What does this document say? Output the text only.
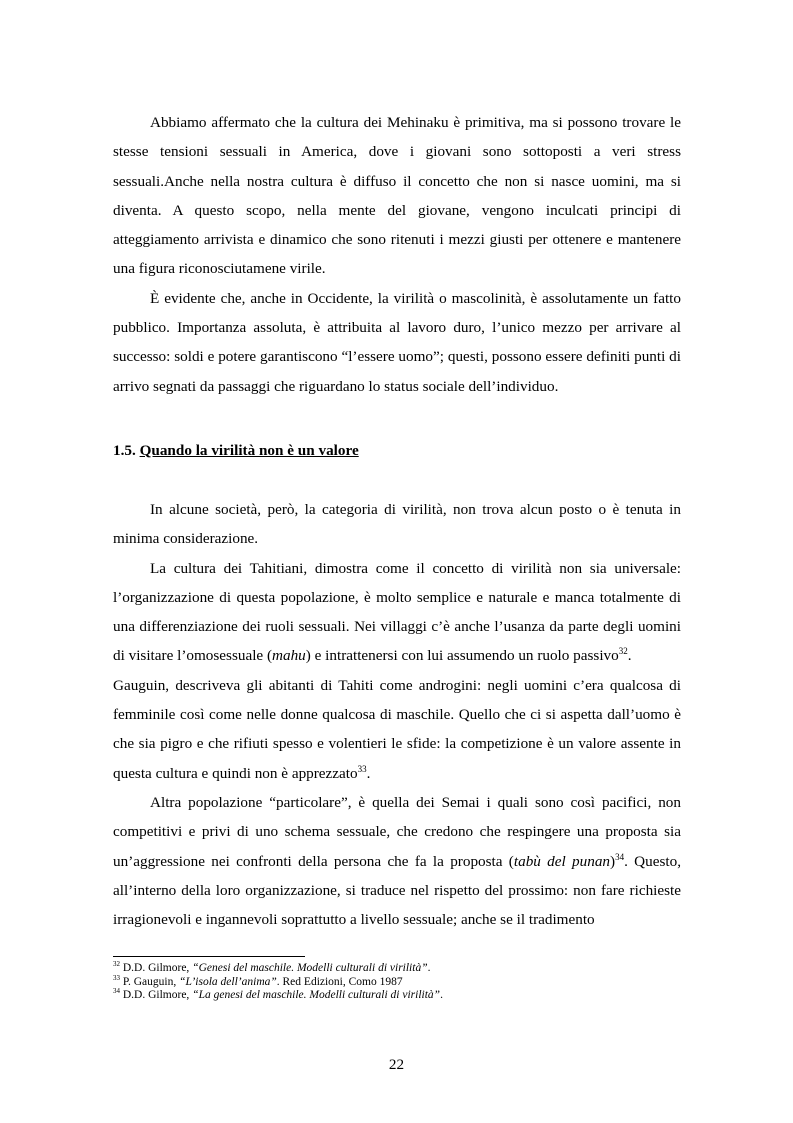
Abbiamo affermato che la cultura dei Mehinaku è primitiva, ma si possono trovare le stesse tensioni sessuali in America, dove i giovani sono sottoposti a veri stress sessuali.Anche nella nostra cultura è diffuso il concetto che non si nasce uomini, ma si diventa. A questo scopo, nella mente del giovane, vengono inculcati principi di atteggiamento arrivista e dinamico che sono ritenuti i mezzi giusti per ottenere e mantenere una figura riconosciutamene virile.

È evidente che, anche in Occidente, la virilità o mascolinità, è assolutamente un fatto pubblico. Importanza assoluta, è attribuita al lavoro duro, l’unico mezzo per arrivare al successo: soldi e potere garantiscono “l’essere uomo”; questi, possono essere definiti punti di arrivo segnati da passaggi che riguardano lo status sociale dell’individuo.

1.5. Quando la virilità non è un valore

In alcune società, però, la categoria di virilità, non trova alcun posto o è tenuta in minima considerazione.

La cultura dei Tahitiani, dimostra come il concetto di virilità non sia universale: l’organizzazione di questa popolazione, è molto semplice e naturale e manca totalmente di una differenziazione dei ruoli sessuali. Nei villaggi c’è anche l’usanza da parte degli uomini di visitare l’omosessuale (mahu) e intrattenersi con lui assumendo un ruolo passivo$^{32}$.

Gauguin, descriveva gli abitanti di Tahiti come androgini: negli uomini c’era qualcosa di femminile così come nelle donne qualcosa di maschile. Quello che ci si aspetta dall’uomo è che sia pigro e che rifiuti spesso e volentieri le sfide: la competizione è un valore assente in questa cultura e quindi non è apprezzato$^{33}$.

Altra popolazione “particolare”, è quella dei Semai i quali sono così pacifici, non competitivi e privi di uno schema sessuale, che credono che respingere una proposta sia un’aggressione nei confronti della persona che fa la proposta (tabù del punan)$^{34}$. Questo, all’interno della loro organizzazione, si traduce nel rispetto del prossimo: non fare richieste irragionevoli e ingannevoli soprattutto a livello sessuale; anche se il tradimento

$^{32}$ D.D. Gilmore, “Genesi del maschile. Modelli culturali di virilità”.
$^{33}$ P. Gauguin, “L’isola dell’anima”. Red Edizioni, Como 1987
$^{34}$ D.D. Gilmore, “La genesi del maschile. Modelli culturali di virilità”.

22
